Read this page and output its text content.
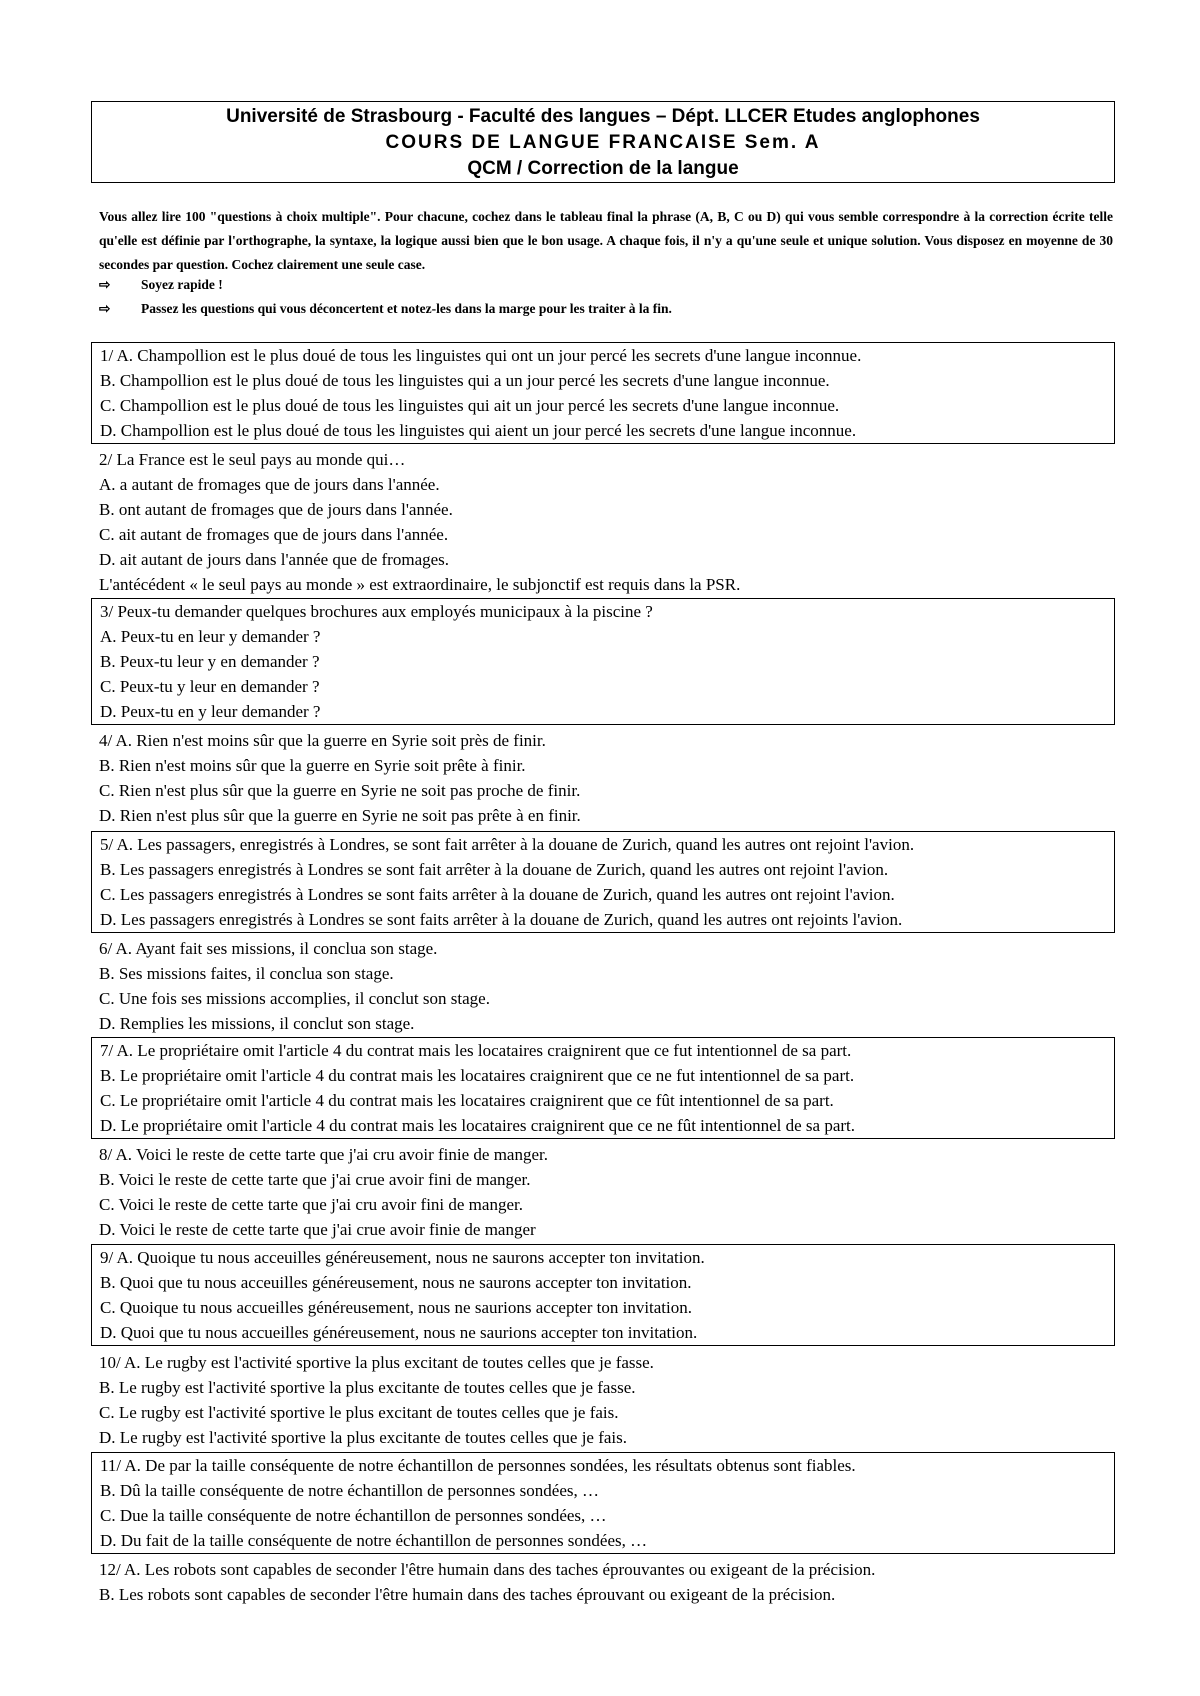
Université de Strasbourg - Faculté des langues – Dépt. LLCER Etudes anglophones
COURS DE LANGUE FRANCAISE Sem. A
QCM / Correction de la langue

Vous allez lire 100 "questions à choix multiple". Pour chacune, cochez dans le tableau final la phrase (A, B, C ou D) qui vous semble correspondre à la correction écrite telle qu'elle est définie par l'orthographe, la syntaxe, la logique aussi bien que le bon usage. A chaque fois, il n'y a qu'une seule et unique solution. Vous disposez en moyenne de 30 secondes par question. Cochez clairement une seule case.

⇨ Soyez rapide !
⇨ Passez les questions qui vous déconcertent et notez-les dans la marge pour les traiter à la fin.
1/ A. Champollion est le plus doué de tous les linguistes qui ont un jour percé les secrets d'une langue inconnue.
B. Champollion est le plus doué de tous les linguistes qui a un jour percé les secrets d'une langue inconnue.
C. Champollion est le plus doué de tous les linguistes qui ait un jour percé les secrets d'une langue inconnue.
D. Champollion est le plus doué de tous les linguistes qui aient un jour percé les secrets d'une langue inconnue.
2/ La France est le seul pays au monde qui…
A. a autant de fromages que de jours dans l'année.
B. ont autant de fromages que de jours dans l'année.
C. ait autant de fromages que de jours dans l'année.
D. ait autant de jours dans l'année que de fromages.
L'antécédent « le seul pays au monde » est extraordinaire, le subjonctif est requis dans la PSR.
3/ Peux-tu demander quelques brochures aux employés municipaux à la piscine ?
A. Peux-tu en leur y demander ?
B. Peux-tu leur y en demander ?
C. Peux-tu y leur en demander ?
D. Peux-tu en y leur demander ?
4/ A. Rien n'est moins sûr que la guerre en Syrie soit près de finir.
B. Rien n'est moins sûr que la guerre en Syrie soit prête à finir.
C. Rien n'est plus sûr que la guerre en Syrie ne soit pas proche de finir.
D. Rien n'est plus sûr que la guerre en Syrie ne soit pas prête à en finir.
5/ A. Les passagers, enregistrés à Londres, se sont fait arrêter à la douane de Zurich, quand les autres ont rejoint l'avion.
B. Les passagers enregistrés à Londres se sont fait arrêter à la douane de Zurich, quand les autres ont rejoint l'avion.
C. Les passagers enregistrés à Londres se sont faits arrêter à la douane de Zurich, quand les autres ont rejoint l'avion.
D. Les passagers enregistrés à Londres se sont faits arrêter à la douane de Zurich, quand les autres ont rejoints l'avion.
6/ A. Ayant fait ses missions, il conclua son stage.
B. Ses missions faites, il conclua son stage.
C. Une fois ses missions accomplies, il conclut son stage.
D. Remplies les missions, il conclut son stage.
7/ A. Le propriétaire omit l'article 4 du contrat mais les locataires craignirent que ce fut intentionnel de sa part.
B. Le propriétaire omit l'article 4 du contrat mais les locataires craignirent que ce ne fut intentionnel de sa part.
C. Le propriétaire omit l'article 4 du contrat mais les locataires craignirent que ce fût intentionnel de sa part.
D. Le propriétaire omit l'article 4 du contrat mais les locataires craignirent que ce ne fût intentionnel de sa part.
8/ A. Voici le reste de cette tarte que j'ai cru avoir finie de manger.
B. Voici le reste de cette tarte que j'ai crue avoir fini de manger.
C. Voici le reste de cette tarte que j'ai cru avoir fini de manger.
D. Voici le reste de cette tarte que j'ai crue avoir finie de manger
9/ A. Quoique tu nous acceuilles généreusement, nous ne saurons accepter ton invitation.
B. Quoi que tu nous acceuilles généreusement, nous ne saurons accepter ton invitation.
C. Quoique tu nous accueilles généreusement, nous ne saurions accepter ton invitation.
D. Quoi que tu nous accueilles généreusement, nous ne saurions accepter ton invitation.
10/ A. Le rugby est l'activité sportive la plus excitant de toutes celles que je fasse.
B. Le rugby est l'activité sportive la plus excitante de toutes celles que je fasse.
C. Le rugby est l'activité sportive le plus excitant de toutes celles que je fais.
D. Le rugby est l'activité sportive la plus excitante de toutes celles que je fais.
11/ A. De par la taille conséquente de notre échantillon de personnes sondées, les résultats obtenus sont fiables.
B. Dû la taille conséquente de notre échantillon de personnes sondées, …
C. Due la taille conséquente de notre échantillon de personnes sondées, …
D. Du fait de la taille conséquente de notre échantillon de personnes sondées, …
12/ A. Les robots sont capables de seconder l'être humain dans des taches éprouvantes ou exigeant de la précision.
B. Les robots sont capables de seconder l'être humain dans des taches éprouvant ou exigeant de la précision.
